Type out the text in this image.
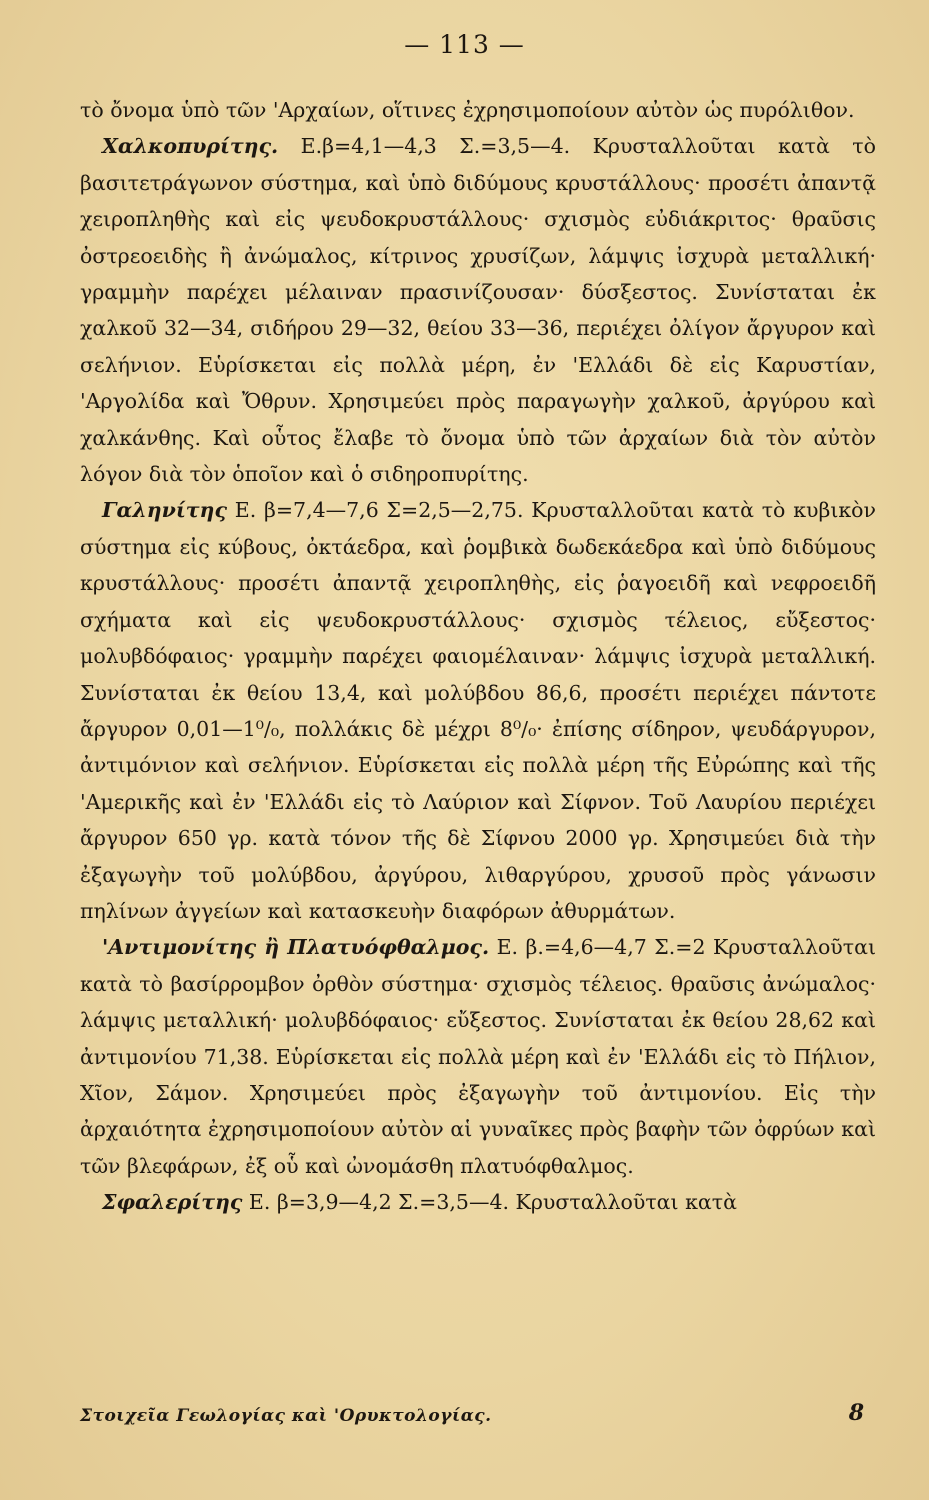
— 113 —

τὸ ὄνομα ὑπὸ τῶν 'Αρχαίων, οἵτινες ἐχρησιμοποίουν αὐτὸν ὡς πυρόλιθον.

Χαλκοπυρίτης. Ε.β=4,1—4,3 Σ.=3,5—4. Κρυσταλλοῦται κατὰ τὸ βασιτετράγωνον σύστημα, καὶ ὑπὸ διδύμους κρυστάλλους· προσέτι ἀπαντᾷ χειροπληθὴς καὶ εἰς ψευδοκρυστάλλους· σχισμὸς εὐδιάκριτος· θραῦσις ὀστρεοειδὴς ἢ ἀνώμαλος, κίτρινος χρυσίζων, λάμψις ἰσχυρὰ μεταλλική· γραμμὴν παρέχει μέλαιναν πρασινίζουσαν· δύσξεστος. Συνίσταται ἐκ χαλκοῦ 32—34, σιδήρου 29—32, θείου 33—36, περιέχει ὀλίγον ἄργυρον καὶ σελήνιον. Εὑρίσκεται εἰς πολλὰ μέρη, ἐν 'Ελλάδι δὲ εἰς Καρυστίαν, 'Αργολίδα καὶ Ὄθρυν. Χρησιμεύει πρὸς παραγωγὴν χαλκοῦ, ἀργύρου καὶ χαλκάνθης. Καὶ οὗτος ἔλαβε τὸ ὄνομα ὑπὸ τῶν ἀρχαίων διὰ τὸν αὐτὸν λόγον διὰ τὸν ὁποῖον καὶ ὁ σιδηροπυρίτης.

Γαληνίτης Ε. β=7,4—7,6 Σ=2,5—2,75. Κρυσταλλοῦται κατὰ τὸ κυβικὸν σύστημα εἰς κύβους, ὀκτάεδρα, καὶ ῥομβικὰ δωδεκάεδρα καὶ ὑπὸ διδύμους κρυστάλλους· προσέτι ἀπαντᾷ χειροπληθὴς, εἰς ῥαγοειδῆ καὶ νεφροειδῆ σχήματα καὶ εἰς ψευδοκρυστάλλους· σχισμὸς τέλειος, εὔξεστος· μολυβδόφαιος· γραμμὴν παρέχει φαιομέλαιναν· λάμψις ἰσχυρὰ μεταλλική. Συνίσταται ἐκ θείου 13,4, καὶ μολύβδου 86,6, προσέτι περιέχει πάντοτε ἄργυρον 0,01—1⁰/₀, πολλάκις δὲ μέχρι 8⁰/₀· ἐπίσης σίδηρον, ψευδάργυρον, ἀντιμόνιον καὶ σελήνιον. Εὑρίσκεται εἰς πολλὰ μέρη τῆς Εὐρώπης καὶ τῆς 'Αμερικῆς καὶ ἐν 'Ελλάδι εἰς τὸ Λαύριον καὶ Σίφνον. Τοῦ Λαυρίου περιέχει ἄργυρον 650 γρ. κατὰ τόνον τῆς δὲ Σίφνου 2000 γρ. Χρησιμεύει διὰ τὴν ἐξαγωγὴν τοῦ μολύβδου, ἀργύρου, λιθαργύρου, χρυσοῦ πρὸς γάνωσιν πηλίνων ἀγγείων καὶ κατασκευὴν διαφόρων ἀθυρμάτων.

'Αντιμονίτης ἢ Πλατυόφθαλμος. Ε. β.=4,6—4,7 Σ.=2 Κρυσταλλοῦται κατὰ τὸ βασίρρομβον ὀρθὸν σύστημα· σχισμὸς τέλειος. θραῦσις ἀνώμαλος· λάμψις μεταλλική· μολυβδόφαιος· εὔξεστος. Συνίσταται ἐκ θείου 28,62 καὶ ἀντιμονίου 71,38. Εὑρίσκεται εἰς πολλὰ μέρη καὶ ἐν 'Ελλάδι εἰς τὸ Πήλιον, Χῖον, Σάμον. Χρησιμεύει πρὸς ἐξαγωγὴν τοῦ ἀντιμονίου. Εἰς τὴν ἀρχαιότητα ἐχρησιμοποίουν αὐτὸν αἱ γυναῖκες πρὸς βαφὴν τῶν ὀφρύων καὶ τῶν βλεφάρων, ἐξ οὗ καὶ ὠνομάσθη πλατυόφθαλμος.

Σφαλερίτης Ε. β=3,9—4,2 Σ.=3,5—4. Κρυσταλλοῦται κατὰ

Στοιχεῖα Γεωλογίας καὶ 'Ορυκτολογίας.	8
